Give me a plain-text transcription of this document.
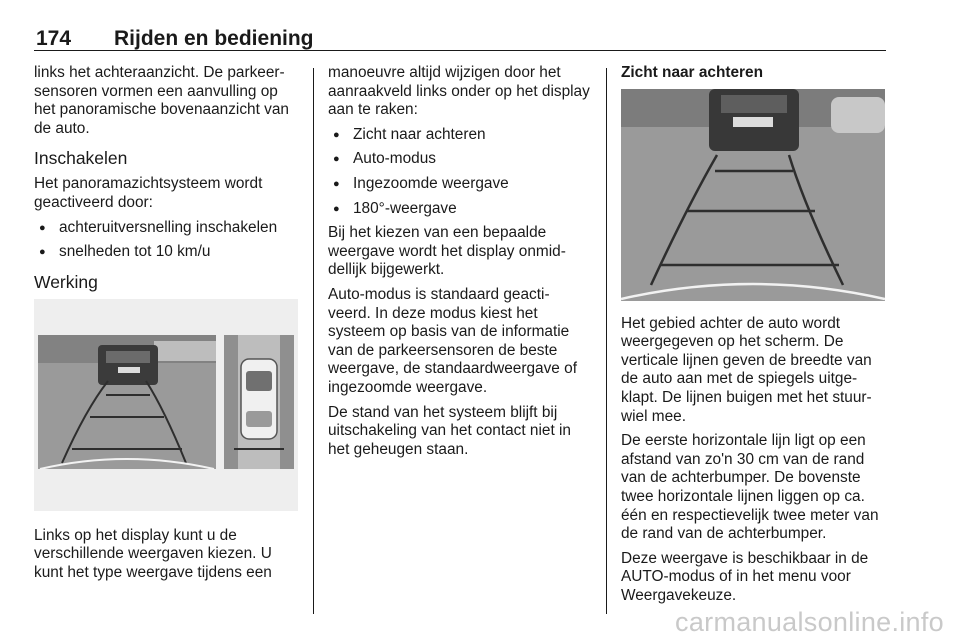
174 Rijden en bediening

links het achteraanzicht. De parkeer-sensoren vormen een aanvulling op het panoramische bovenaanzicht van de auto.

Inschakelen

Het panoramazichtsysteem wordt geactiveerd door:

● achteruitversnelling inschakelen
● snelheden tot 10 km/u
Werking

Links op het display kunt u de verschillende weergaven kiezen. U kunt het type weergave tijdens een

manoeuvre altijd wijzigen door het aanraakveld links onder op het display aan te raken:

● Zicht naar achteren
● Auto-modus
● Ingezoomde weergave
● 180°-weergave

Bij het kiezen van een bepaalde weergave wordt het display onmid-dellijk bijgewerkt.

Auto-modus is standaard geacti-veerd. In deze modus kiest het systeem op basis van de informatie van de parkeersensoren de beste weergave, de standaardweergave of ingezoomde weergave.

De stand van het systeem blijft bij uitschakeling van het contact niet in het geheugen staan.

Zicht naar achteren

Het gebied achter de auto wordt weergegeven op het scherm. De verticale lijnen geven de breedte van de auto aan met de spiegels uitge-klapt. De lijnen buigen met het stuur-wiel mee.

De eerste horizontale lijn ligt op een afstand van zo'n 30 cm van de rand van de achterbumper. De bovenste twee horizontale lijnen liggen op ca. één en respectievelijk twee meter van de rand van de achterbumper.

Deze weergave is beschikbaar in de AUTO-modus of in het menu voor Weergavekeuze.

carmanualsonline.info
